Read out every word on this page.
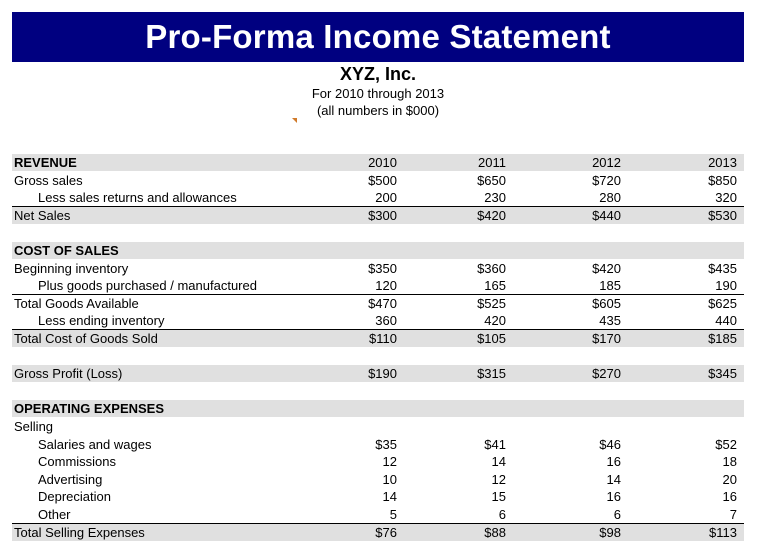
Pro-Forma Income Statement
XYZ, Inc.
For 2010 through 2013
(all numbers in $000)
REVENUE	2010	2011	2012	2013
Gross sales	$500	$650	$720	$850
Less sales returns and allowances	200	230	280	320
Net Sales	$300	$420	$440	$530
COST OF SALES
Beginning inventory	$350	$360	$420	$435
Plus goods purchased / manufactured	120	165	185	190
Total Goods Available	$470	$525	$605	$625
Less ending inventory	360	420	435	440
Total Cost of Goods Sold	$110	$105	$170	$185
Gross Profit (Loss)	$190	$315	$270	$345
OPERATING EXPENSES
Selling
Salaries and wages	$35	$41	$46	$52
Commissions	12	14	16	18
Advertising	10	12	14	20
Depreciation	14	15	16	16
Other	5	6	6	7
Total Selling Expenses	$76	$88	$98	$113
